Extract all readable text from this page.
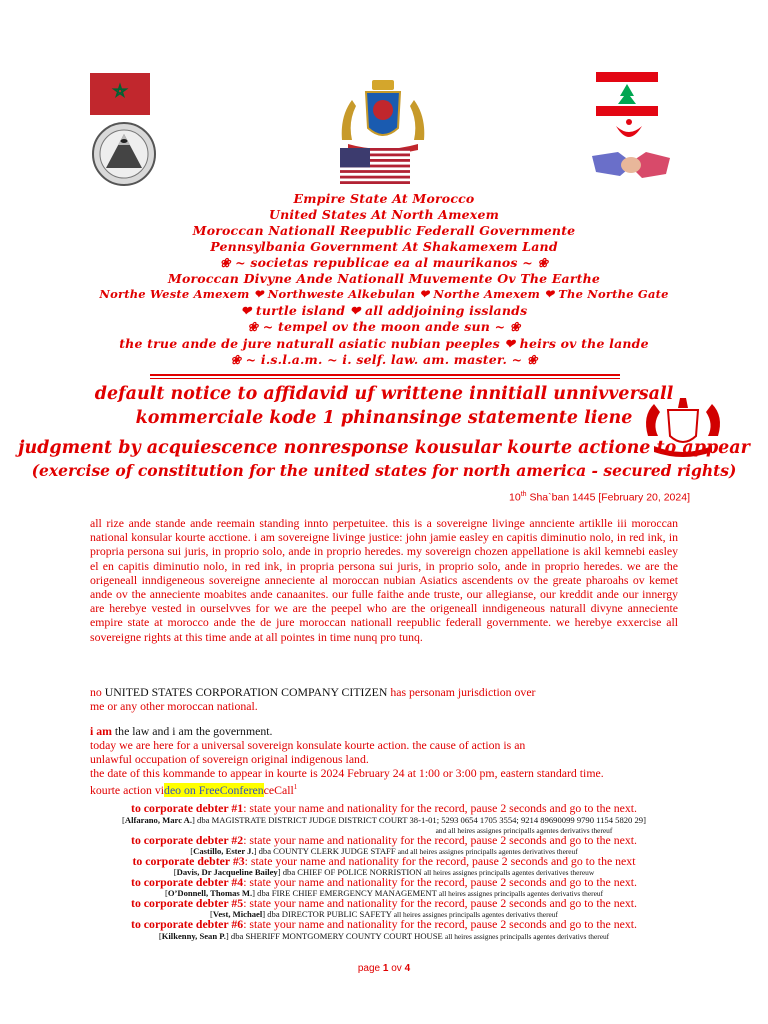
Empire State At Morocco
United States At North Amexem
Moroccan Nationall Reepublic Federall Governmente
Pennsylbania Government At Shakamexem Land
❀ ~ societas republicae ea al maurikanos ~ ❀
Moroccan Divyne Ande Nationall Muvemente Ov The Earthe
Northe Weste Amexem ❤ Northweste Alkebulan ❤ Northe Amexem ❤ The Northe Gate
❤ turtle island ❤ all addjoining isslands
❀ ~ tempel ov the moon ande sun ~ ❀
the true ande de jure naturall asiatic nubian peeples ❤ heirs ov the lande
❀ ~ i.s.l.a.m. ~ i. self. law. am. master. ~ ❀
default notice to affidavid uf writtene innitiall unnivversall
kommerciale kode 1 phinansinge statemente liene
judgment by acquiescence nonresponse kousular kourte actione to appear
(exercise of constitution for the united states for north america - secured rights)
10th Sha`ban 1445 [February 20, 2024]
all rize ande stande ande reemain standing innto perpetuitee. this is a sovereigne livinge annciente artiklle iii moroccan national konsular kourte acctione. i am sovereigne livinge justice: john jamie easley en capitis diminutio nolo, in red ink, in propria persona sui juris, in proprio solo, ande in proprio heredes. my sovereign chozen appellatione is akil kemnebi easley el en capitis diminutio nolo, in red ink, in propria persona sui juris, in proprio solo, ande in proprio heredes. we are the origeneall inndigeneous sovereigne anneciente al moroccan nubian Asiatics ascendents ov the greate pharoahs ov kemet ande ov the anneciente moabites ande canaanites. our fulle faithe ande truste, our allegianse, our kreddit ande our innergy are herebye vested in ourselvves for we are the peepel who are the origeneall inndigeneous naturall divyne anneciente empire state at morocco ande the de jure moroccan nationall reepublic federall governmente. we herebye exxercise all sovereigne rights at this time ande at all pointes in time nunq pro tunq.
no UNITED STATES CORPORATION COMPANY CITIZEN has personam jurisdiction over
me or any other moroccan national.
i am the law and i am the government.
today we are here for a universal sovereign konsulate kourte action. the cause of action is an
unlawful occupation of sovereign original indigenous land.
the date of this kommande to appear in kourte is 2024 February 24 at 1:00 or 3:00 pm, eastern standard time.
kourte action video on FreeConferenceCall$^1$
to corporate debter #1: state your name and nationality for the record, pause 2 seconds and go to the next.
[Alfarano, Marc A.] dba MAGISTRATE DISTRICT JUDGE DISTRICT COURT 38-1-01; 5293 0654 1705 3554; 9214 89690099 9790 1154 5820 29]
and all heires assignes principalls agentes derivativs thereuf
to corporate debter #2: state your name and nationality for the record, pause 2 seconds and go to the next.
[Castillo, Ester J.] dba COUNTY CLERK JUDGE STAFF and all heires assignes principalls agentes derivatives thereuf
to corporate debter #3: state your name and nationality for the record, pause 2 seconds and go to the next
[Davis, Dr Jacqueline Bailey] dba CHIEF OF POLICE NORRISTION all heires assignes principalls agentes derivatives thereuw
to corporate debter #4: state your name and nationality for the record, pause 2 seconds and go to the next.
[O’Donnell, Thomas M.] dba FIRE CHIEF EMERGENCY MANAGEMENT all heires assignes principalls agentes derivativs thereuf
to corporate debter #5: state your name and nationality for the record, pause 2 seconds and go to the next.
[Vest, Michael] dba DIRECTOR PUBLIC SAFETY all heires assignes principalls agentes derivativs thereuf
to corporate debter #6: state your name and nationality for the record, pause 2 seconds and go to the next.
[Kilkenny, Sean P.] dba SHERIFF MONTGOMERY COUNTY COURT HOUSE all heires assignes principalls agentes derivativs thereuf
page 1 ov 4
